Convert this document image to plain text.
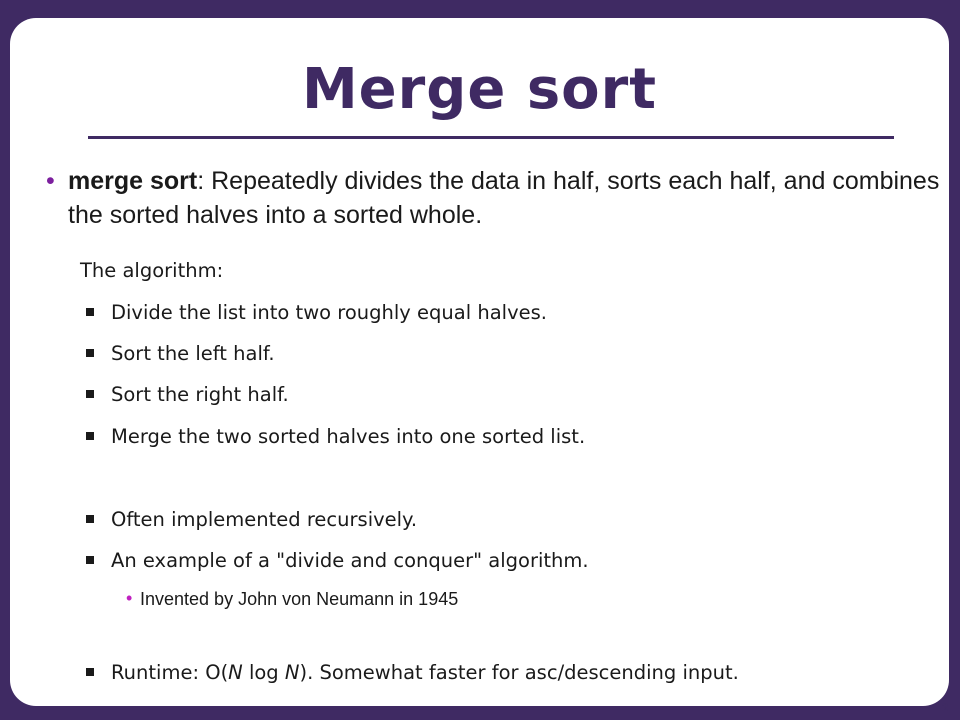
Merge sort
• merge sort: Repeatedly divides the data in half, sorts each half, and combines the sorted halves into a sorted whole.
The algorithm:
Divide the list into two roughly equal halves.
Sort the left half.
Sort the right half.
Merge the two sorted halves into one sorted list.
Often implemented recursively.
An example of a "divide and conquer" algorithm.
• Invented by John von Neumann in 1945
Runtime: O(N log N). Somewhat faster for asc/descending input.
2
